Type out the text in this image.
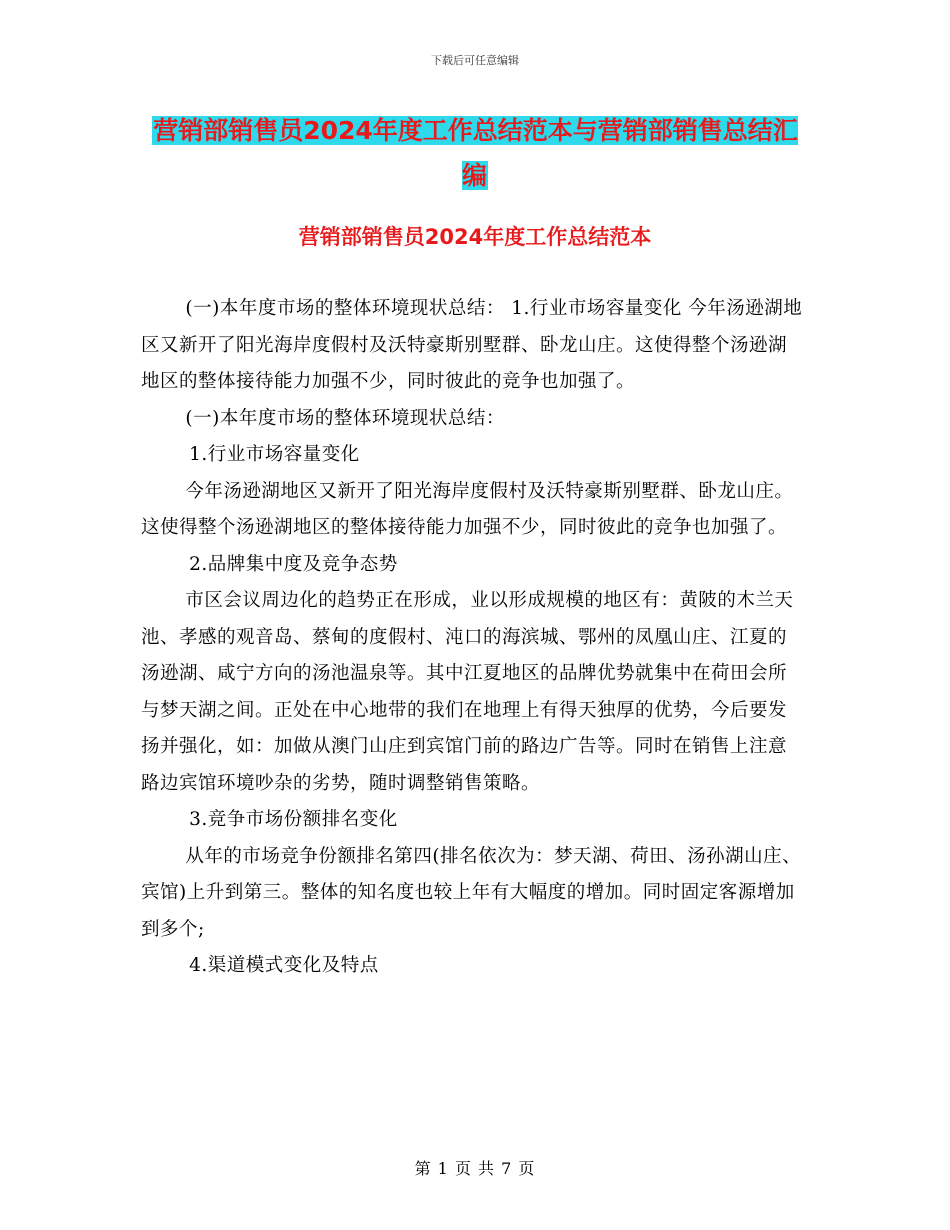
下载后可任意编辑
营销部销售员2024年度工作总结范本与营销部销售总结汇编
营销部销售员2024年度工作总结范本

(一)本年度市场的整体环境现状总结： 1.行业市场容量变化 今年汤逊湖地区又新开了阳光海岸度假村及沃特豪斯别墅群、卧龙山庄。这使得整个汤逊湖地区的整体接待能力加强不少，同时彼此的竞争也加强了。

(一)本年度市场的整体环境现状总结：

1.行业市场容量变化

今年汤逊湖地区又新开了阳光海岸度假村及沃特豪斯别墅群、卧龙山庄。这使得整个汤逊湖地区的整体接待能力加强不少，同时彼此的竞争也加强了。

2.品牌集中度及竞争态势

市区会议周边化的趋势正在形成，业以形成规模的地区有：黄陂的木兰天池、孝感的观音岛、蔡甸的度假村、沌口的海滨城、鄂州的凤凰山庄、江夏的汤逊湖、咸宁方向的汤池温泉等。其中江夏地区的品牌优势就集中在荷田会所与梦天湖之间。正处在中心地带的我们在地理上有得天独厚的优势，今后要发扬并强化，如：加做从澳门山庄到宾馆门前的路边广告等。同时在销售上注意路边宾馆环境吵杂的劣势，随时调整销售策略。

3.竞争市场份额排名变化

从年的市场竞争份额排名第四(排名依次为：梦天湖、荷田、汤孙湖山庄、宾馆)上升到第三。整体的知名度也较上年有大幅度的增加。同时固定客源增加到多个;

4.渠道模式变化及特点

第 1 页 共 7 页
